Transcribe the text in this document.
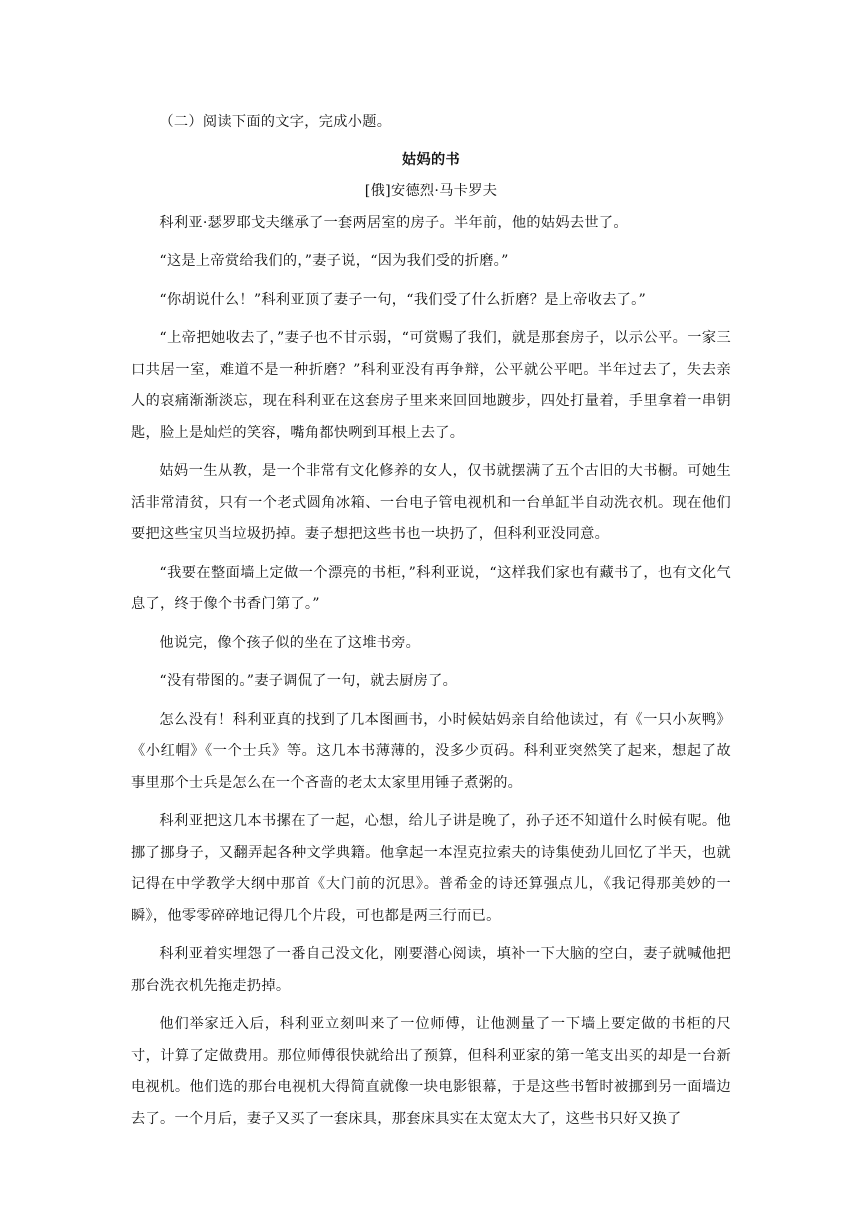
（二）阅读下面的文字，完成小题。

姑妈的书

[俄]安德烈·马卡罗夫

科利亚·瑟罗耶戈夫继承了一套两居室的房子。半年前，他的姑妈去世了。

“这是上帝赏给我们的，”妻子说，“因为我们受的折磨。”

“你胡说什么！”科利亚顶了妻子一句，“我们受了什么折磨？是上帝收去了。”

“上帝把她收去了，”妻子也不甘示弱，“可赏赐了我们，就是那套房子，以示公平。一家三口共居一室，难道不是一种折磨？”科利亚没有再争辩，公平就公平吧。半年过去了，失去亲人的哀痛渐渐淡忘，现在科利亚在这套房子里来来回回地踱步，四处打量着，手里拿着一串钥匙，脸上是灿烂的笑容，嘴角都快咧到耳根上去了。

姑妈一生从教，是一个非常有文化修养的女人，仅书就摆满了五个古旧的大书橱。可她生活非常清贫，只有一个老式圆角冰箱、一台电子管电视机和一台单缸半自动洗衣机。现在他们要把这些宝贝当垃圾扔掉。妻子想把这些书也一块扔了，但科利亚没同意。

“我要在整面墙上定做一个漂亮的书柜，”科利亚说，“这样我们家也有藏书了，也有文化气息了，终于像个书香门第了。”

他说完，像个孩子似的坐在了这堆书旁。

“没有带图的。”妻子调侃了一句，就去厨房了。

怎么没有！科利亚真的找到了几本图画书，小时候姑妈亲自给他读过，有《一只小灰鸭》《小红帽》《一个士兵》等。这几本书薄薄的，没多少页码。科利亚突然笑了起来，想起了故事里那个士兵是怎么在一个吝啬的老太太家里用锤子煮粥的。

科利亚把这几本书摞在了一起，心想，给儿子讲是晚了，孙子还不知道什么时候有呢。他挪了挪身子，又翻弄起各种文学典籍。他拿起一本涅克拉索夫的诗集使劲儿回忆了半天，也就记得在中学教学大纲中那首《大门前的沉思》。普希金的诗还算强点儿，《我记得那美妙的一瞬》，他零零碎碎地记得几个片段，可也都是两三行而已。

科利亚着实埋怨了一番自己没文化，刚要潜心阅读，填补一下大脑的空白，妻子就喊他把那台洗衣机先拖走扔掉。

他们举家迁入后，科利亚立刻叫来了一位师傅，让他测量了一下墙上要定做的书柜的尺寸，计算了定做费用。那位师傅很快就给出了预算，但科利亚家的第一笔支出买的却是一台新电视机。他们选的那台电视机大得简直就像一块电影银幕，于是这些书暂时被挪到另一面墙边去了。一个月后，妻子又买了一套床具，那套床具实在太宽太大了，这些书只好又换了
